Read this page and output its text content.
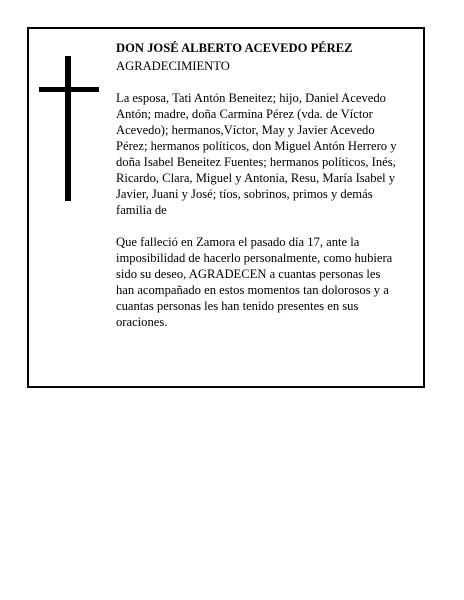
DON JOSÉ ALBERTO ACEVEDO PÉREZ
AGRADECIMIENTO

La esposa, Tati Antón Beneitez; hijo, Daniel Acevedo
Antón; madre, doña Carmina Pérez (vda. de Víctor
Acevedo); hermanos,Víctor, May y Javier Acevedo
Pérez; hermanos políticos, don Miguel Antón Herrero y
doña Isabel Beneitez Fuentes; hermanos políticos, Inés,
Ricardo, Clara, Miguel y Antonia, Resu, María Isabel y
Javier, Juani y José; tíos, sobrinos, primos y demás
familia de

Que falleció en Zamora el pasado día 17, ante la
imposibilidad de hacerlo personalmente, como hubiera
sido su deseo, AGRADECEN a cuantas personas les
han acompañado en estos momentos tan dolorosos y a
cuantas personas les han tenido presentes en sus
oraciones.
